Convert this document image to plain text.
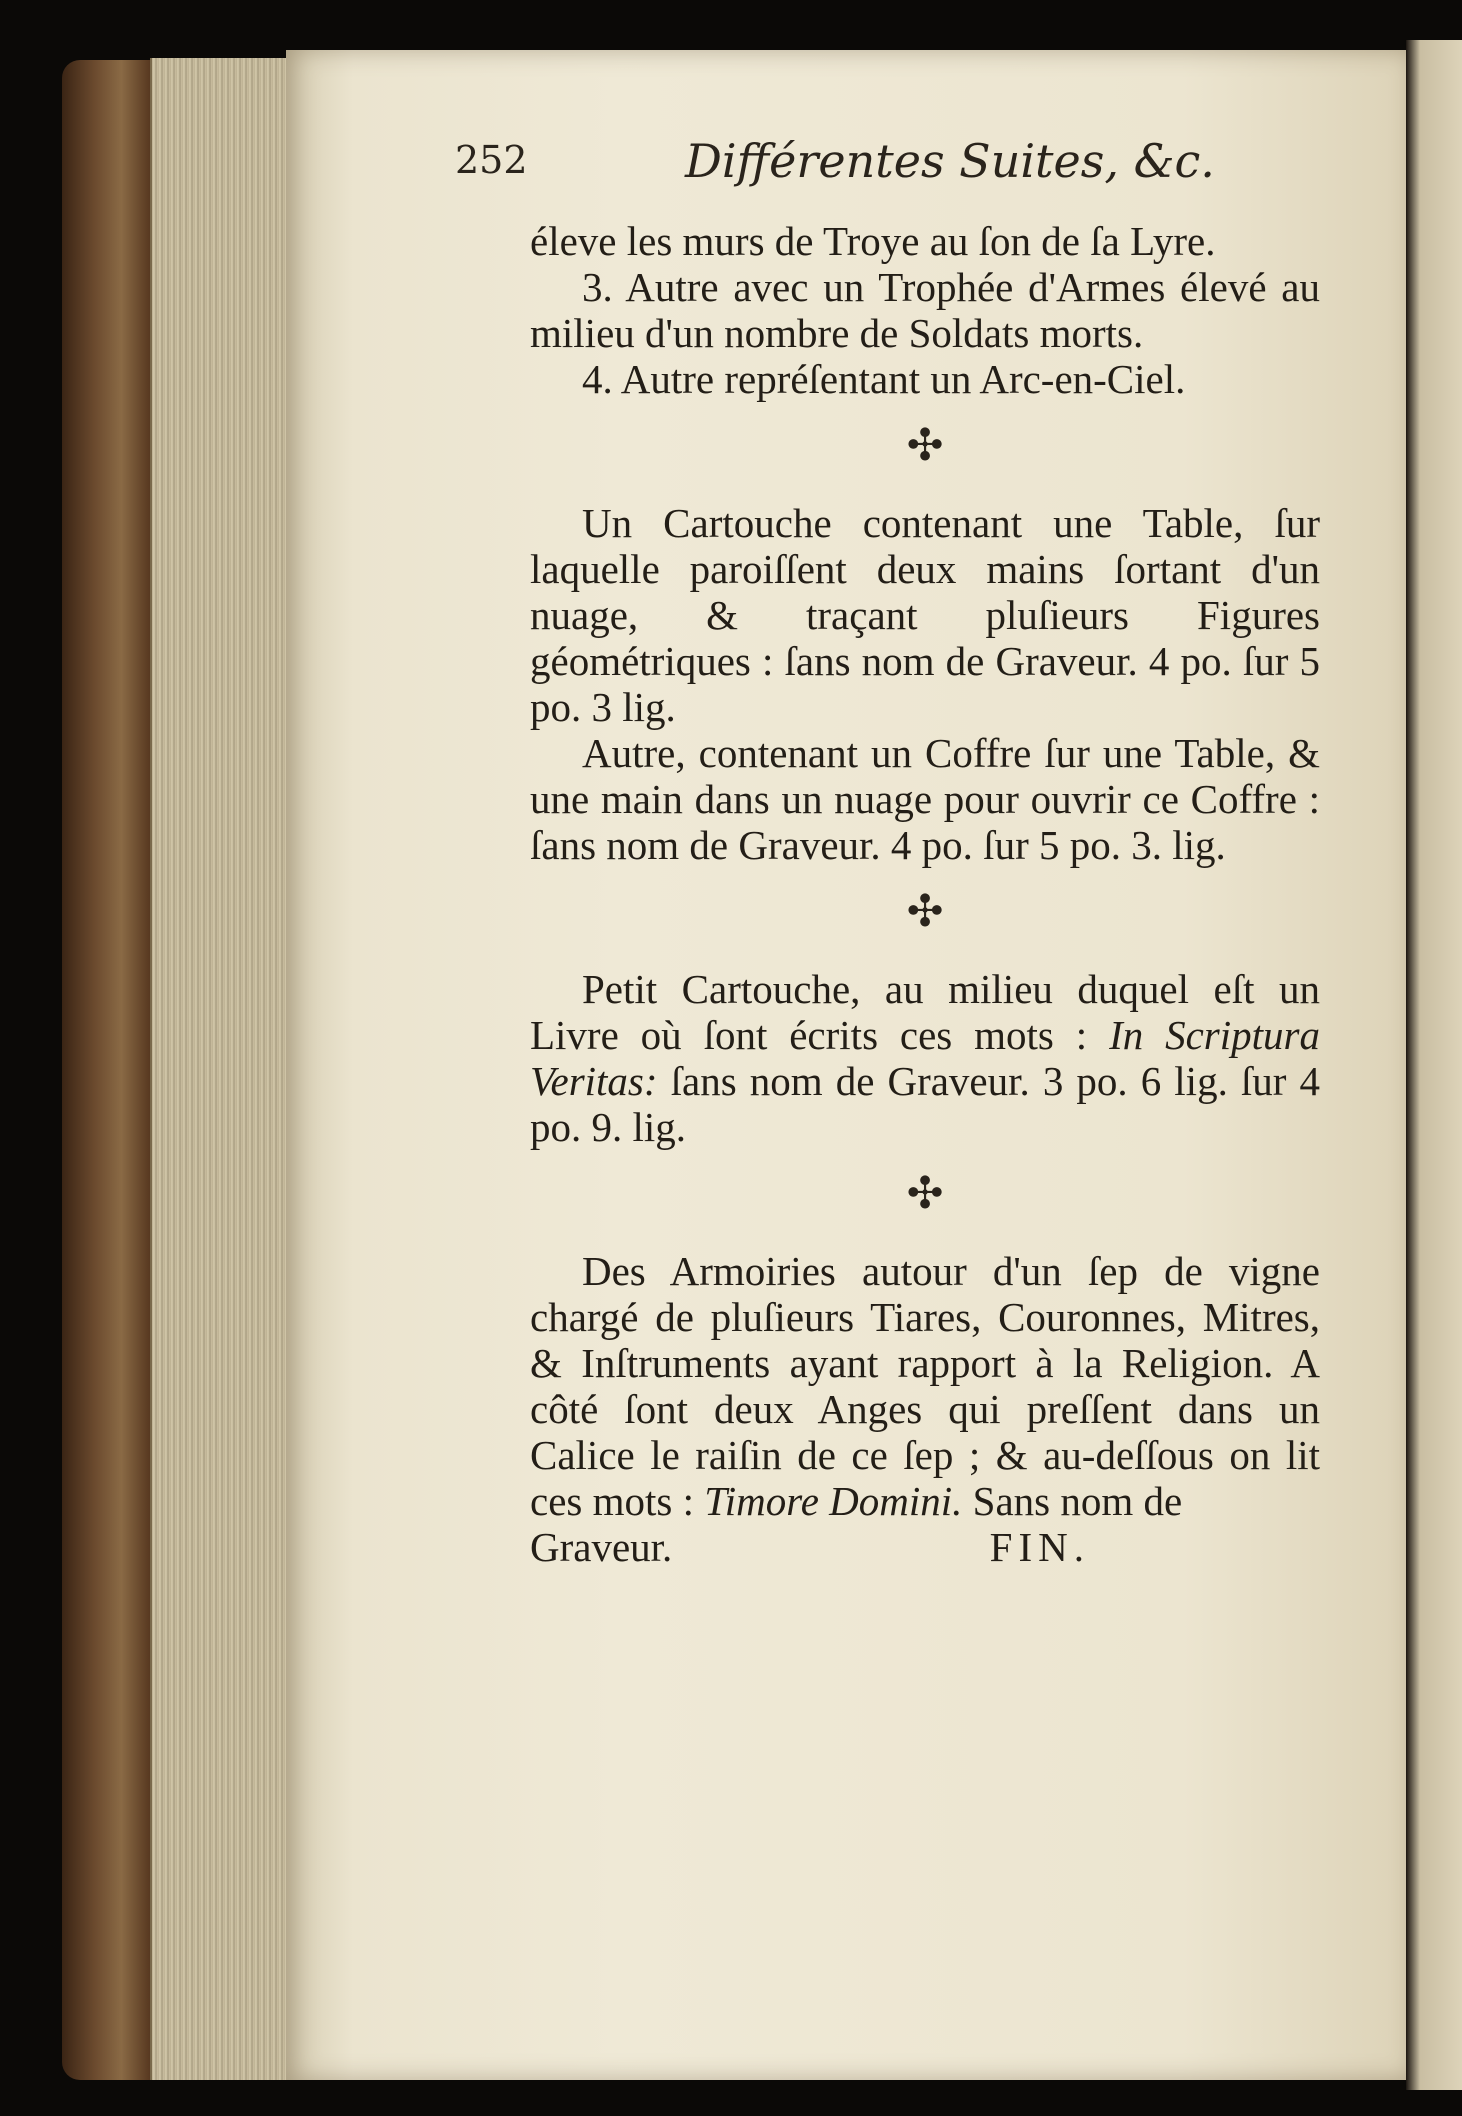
252	Différentes Suites, &c.

éleve les murs de Troye au ſon de ſa Lyre.

3. Autre avec un Trophée d'Armes élevé au milieu d'un nombre de Soldats morts.

4. Autre repréſentant un Arc-en-Ciel.

✣

Un Cartouche contenant une Table, ſur laquelle paroiſſent deux mains ſortant d'un nuage, & traçant pluſieurs Figures géométriques : ſans nom de Graveur. 4 po. ſur 5 po. 3 lig.

Autre, contenant un Coffre ſur une Table, & une main dans un nuage pour ouvrir ce Coffre : ſans nom de Graveur. 4 po. ſur 5 po. 3. lig.

✣

Petit Cartouche, au milieu duquel eſt un Livre où ſont écrits ces mots : In Scriptura Veritas: ſans nom de Graveur. 3 po. 6 lig. ſur 4 po. 9. lig.

✣

Des Armoiries autour d'un ſep de vigne chargé de pluſieurs Tiares, Couronnes, Mitres, & Inſtruments ayant rapport à la Religion. A côté ſont deux Anges qui preſſent dans un Calice le raiſin de ce ſep ; & au-deſſous on lit ces mots : Timore Domini. Sans nom de

Graveur.	FIN.
